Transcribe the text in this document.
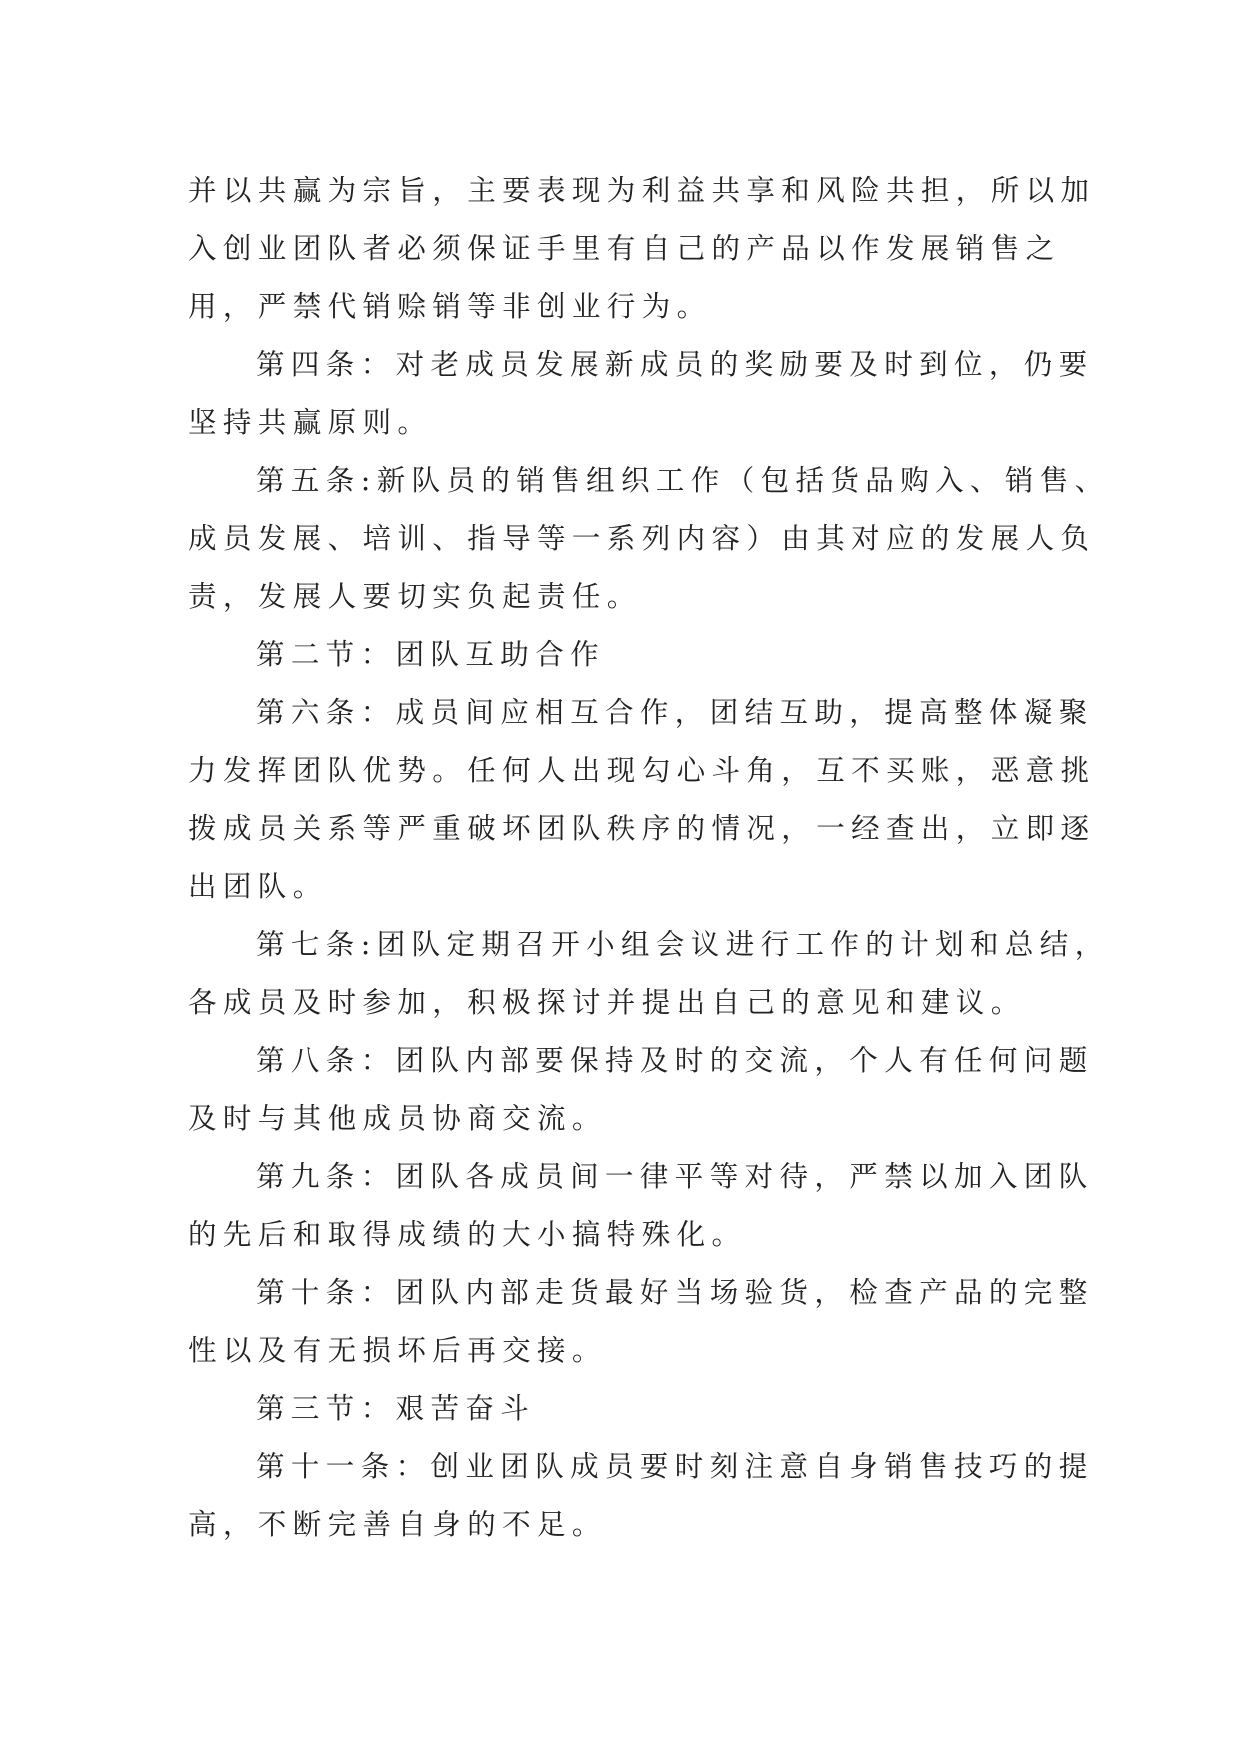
并以共赢为宗旨，主要表现为利益共享和风险共担，所以加
入创业团队者必须保证手里有自己的产品以作发展销售之
用，严禁代销赊销等非创业行为。
第四条：对老成员发展新成员的奖励要及时到位，仍要
坚持共赢原则。
第五条:新队员的销售组织工作（包括货品购入、销售、
成员发展、培训、指导等一系列内容）由其对应的发展人负
责，发展人要切实负起责任。
第二节：团队互助合作
第六条：成员间应相互合作，团结互助，提高整体凝聚
力发挥团队优势。任何人出现勾心斗角，互不买账，恶意挑
拨成员关系等严重破坏团队秩序的情况，一经查出，立即逐
出团队。
第七条:团队定期召开小组会议进行工作的计划和总结，
各成员及时参加，积极探讨并提出自己的意见和建议。
第八条：团队内部要保持及时的交流，个人有任何问题
及时与其他成员协商交流。
第九条：团队各成员间一律平等对待，严禁以加入团队
的先后和取得成绩的大小搞特殊化。
第十条：团队内部走货最好当场验货，检查产品的完整
性以及有无损坏后再交接。
第三节：艰苦奋斗
第十一条：创业团队成员要时刻注意自身销售技巧的提
高，不断完善自身的不足。
